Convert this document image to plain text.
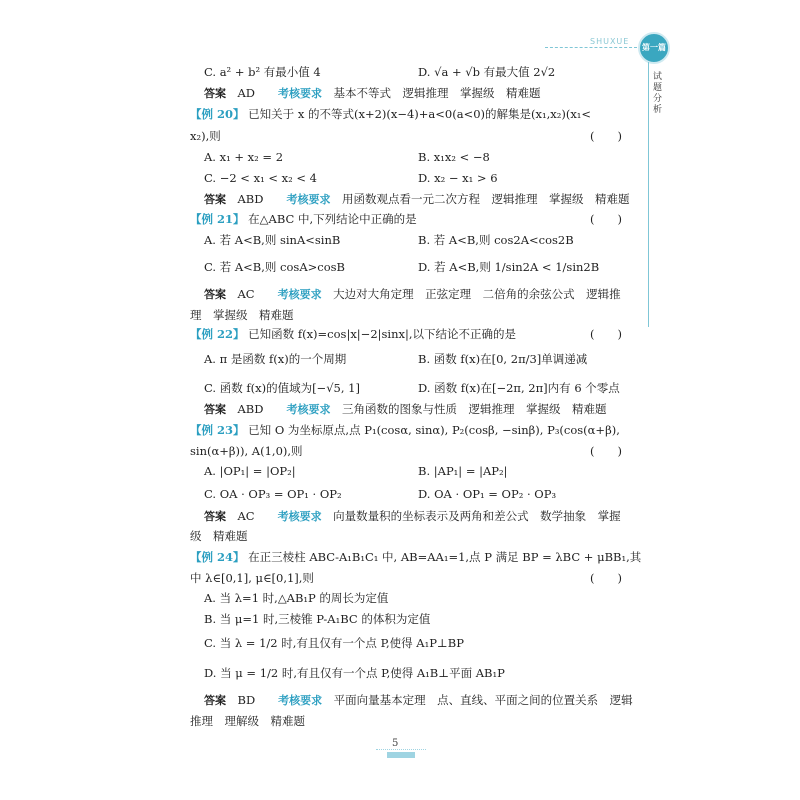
SHUXUE
第一篇
试题分析
C. a² + b² 有最小值 4	D. √a + √b 有最大值 2√2
答案　 AD　　 考核要求　 基本不等式　逻辑推理　掌握级　精难题
【例 20】 已知关于 x 的不等式(x+2)(x−4)+a<0(a<0)的解集是(x₁,x₂)(x₁<
x₂),则	(　　)
A. x₁ + x₂ = 2	B. x₁x₂ < −8
C. −2 < x₁ < x₂ < 4	D. x₂ − x₁ > 6
答案　 ABD　　 考核要求　 用函数观点看一元二次方程　逻辑推理　掌握级　精难题
【例 21】 在△ABC 中,下列结论中正确的是	(　　)
A. 若 A<B,则 sinA<sinB	B. 若 A<B,则 cos2A<cos2B
C. 若 A<B,则 cosA>cosB	D. 若 A<B,则 1/sin2A < 1/sin2B
答案　 AC　　 考核要求　 大边对大角定理　正弦定理　二倍角的余弦公式　逻辑推
理　掌握级　精难题
【例 22】 已知函数 f(x)=cos|x|−2|sinx|,以下结论不正确的是	(　　)
A. π 是函数 f(x)的一个周期	B. 函数 f(x)在[0, 2π/3]单调递减
C. 函数 f(x)的值域为[−√5, 1]	D. 函数 f(x)在[−2π, 2π]内有 6 个零点
答案　 ABD　　 考核要求　 三角函数的图象与性质　逻辑推理　掌握级　精难题
【例 23】 已知 O 为坐标原点,点 P₁(cosα, sinα), P₂(cosβ, −sinβ), P₃(cos(α+β),
sin(α+β)), A(1,0),则	(　　)
A. |OP₁| = |OP₂|	B. |AP₁| = |AP₂|
C. OA · OP₃ = OP₁ · OP₂	D. OA · OP₁ = OP₂ · OP₃
答案　 AC　　 考核要求　 向量数量积的坐标表示及两角和差公式　数学抽象　掌握
级　精难题
【例 24】 在正三棱柱 ABC-A₁B₁C₁ 中, AB=AA₁=1,点 P 满足 BP = λBC + μBB₁,其
中 λ∈[0,1], μ∈[0,1],则	(　　)
A. 当 λ=1 时,△AB₁P 的周长为定值
B. 当 μ=1 时,三棱锥 P-A₁BC 的体积为定值
C. 当 λ = 1/2 时,有且仅有一个点 P,使得 A₁P⊥BP
D. 当 μ = 1/2 时,有且仅有一个点 P,使得 A₁B⊥平面 AB₁P
答案　 BD　　 考核要求　 平面向量基本定理　点、直线、平面之间的位置关系　逻辑
推理　理解级　精难题
5
